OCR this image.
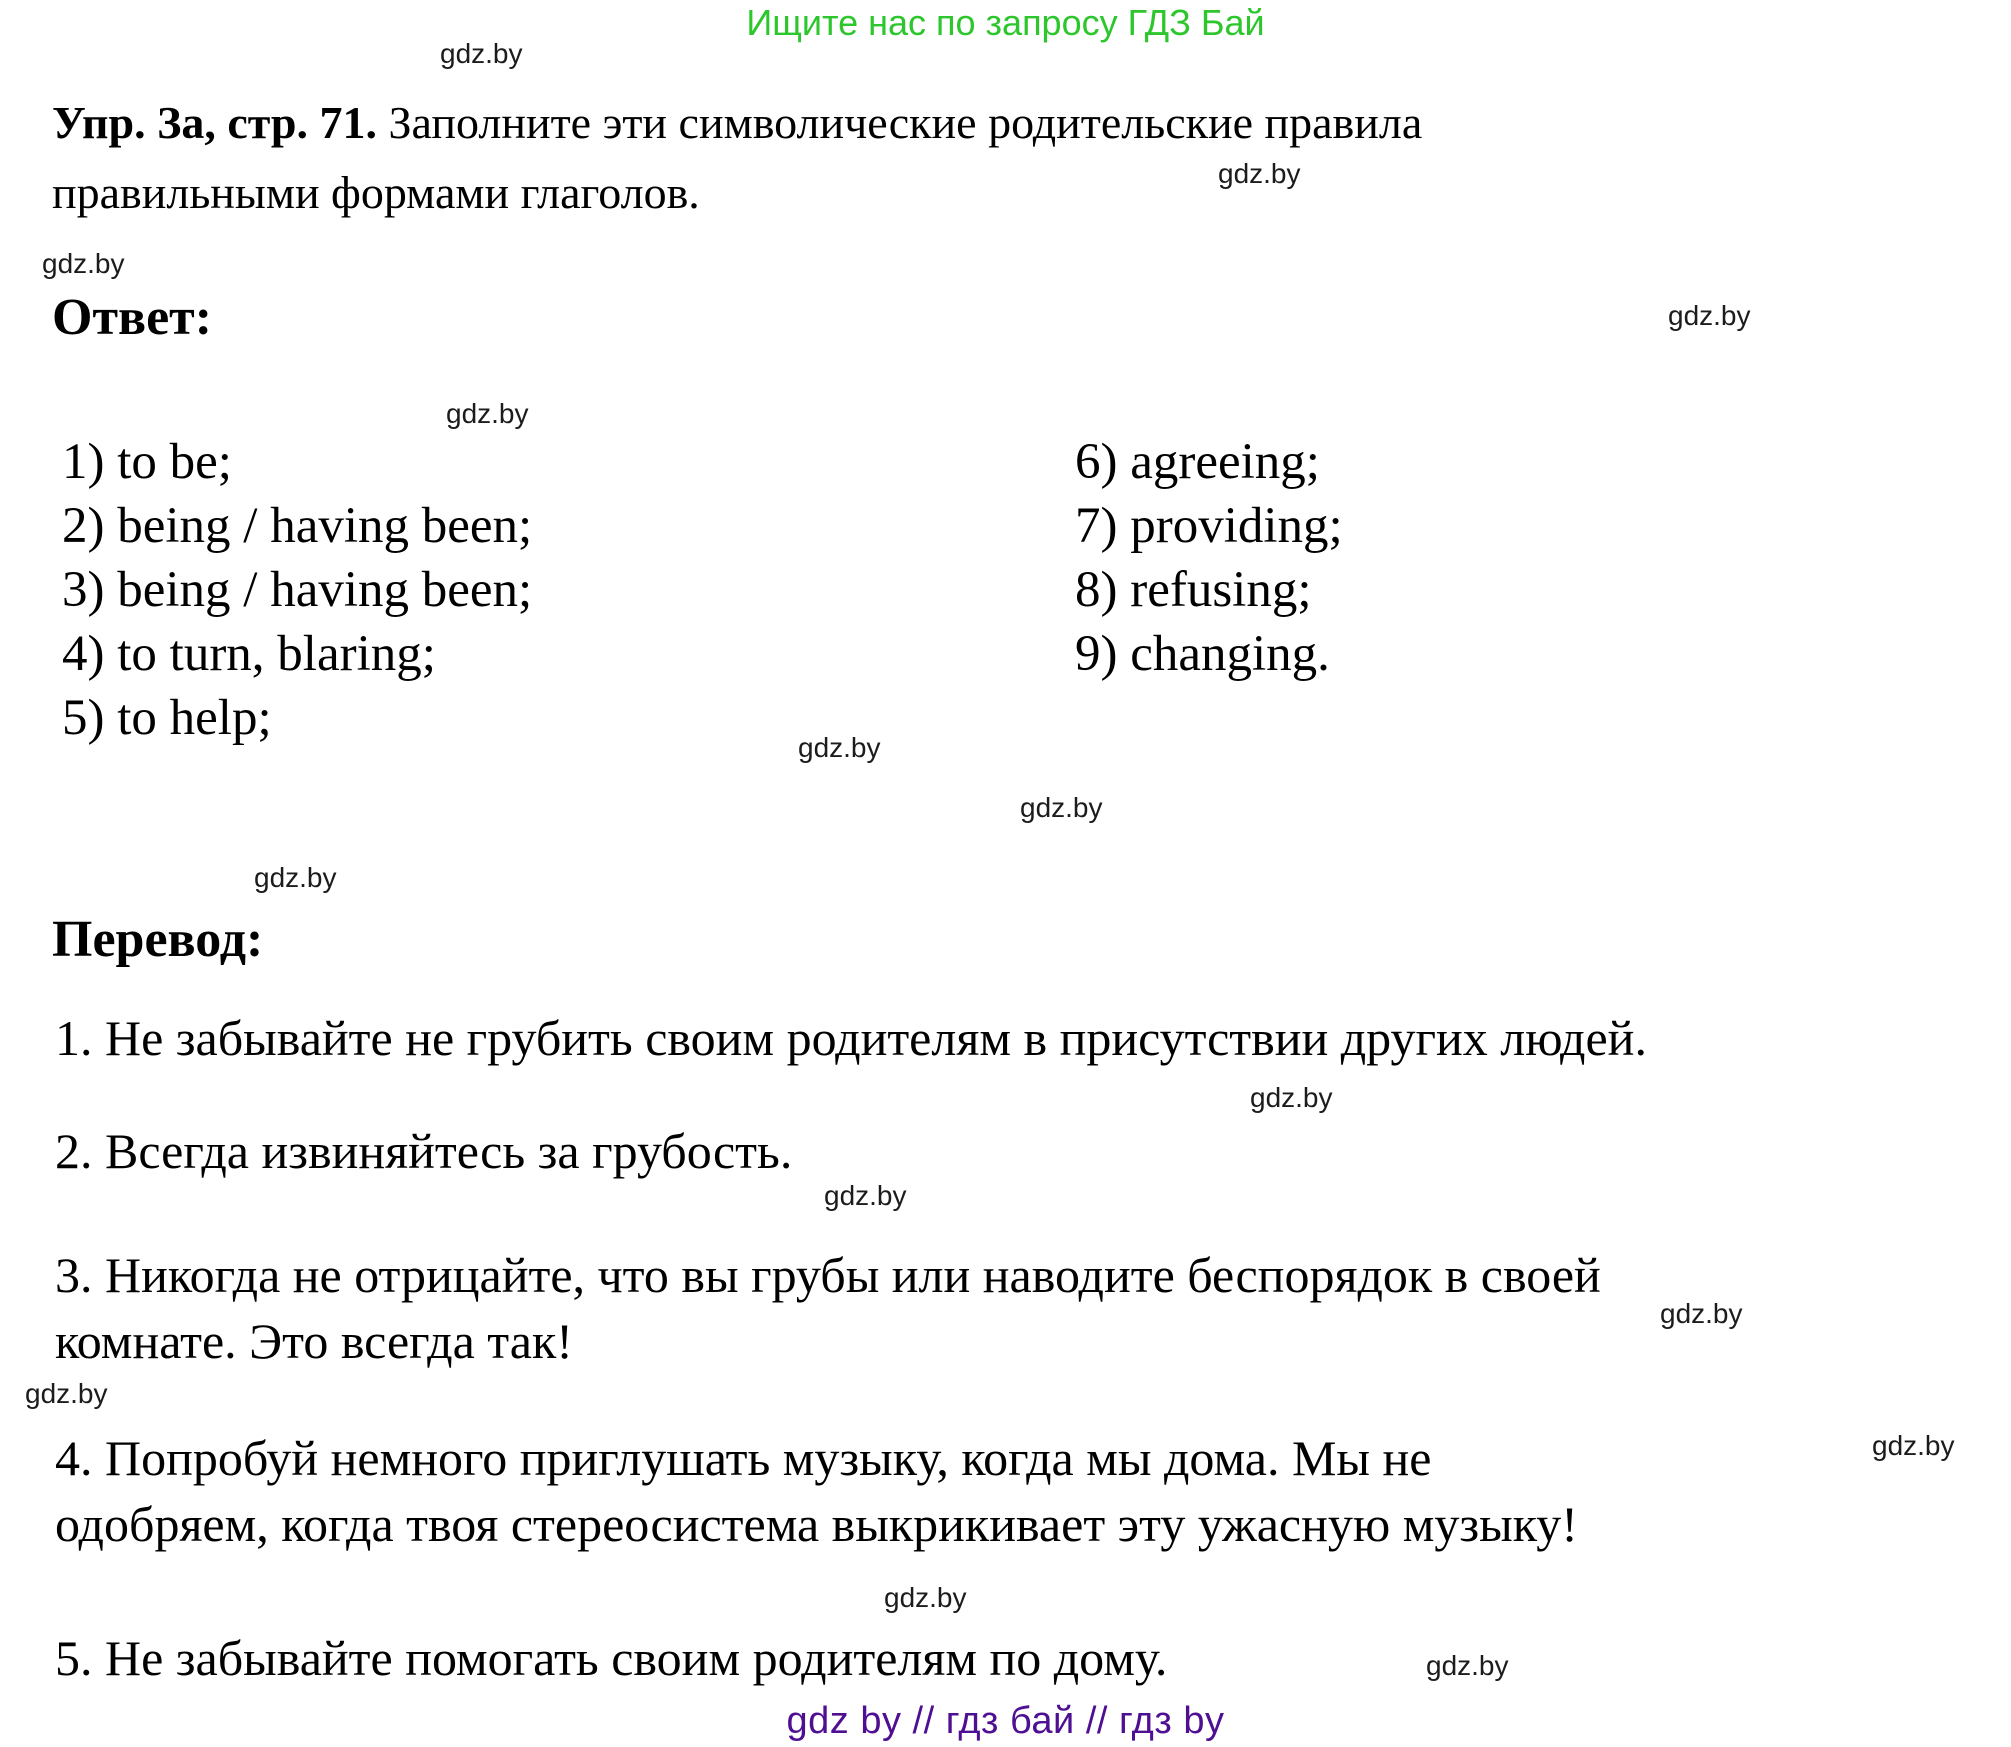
Ищите нас по запросу ГДЗ Бай
gdz.by
gdz.by
gdz.by
gdz.by
gdz.by
gdz.by
gdz.by
gdz.by
gdz.by
gdz.by
gdz.by
gdz.by
gdz.by
gdz.by
gdz.by
Упр. За, стр. 71. Заполните эти символические родительские правила
правильными формами глаголов.
Ответ:
1) to be;
2) being / having been;
3) being / having been;
4) to turn, blaring;
5) to help;
6) agreeing;
7) providing;
8) refusing;
9) changing.
Перевод:
1. Не забывайте не грубить своим родителям в присутствии других людей.
2. Всегда извиняйтесь за грубость.
3. Никогда не отрицайте, что вы грубы или наводите беспорядок в своей
комнате. Это всегда так!
4. Попробуй немного приглушать музыку, когда мы дома. Мы не
одобряем, когда твоя стереосистема выкрикивает эту ужасную музыку!
5. Не забывайте помогать своим родителям по дому.
gdz by // гдз бай // гдз by
